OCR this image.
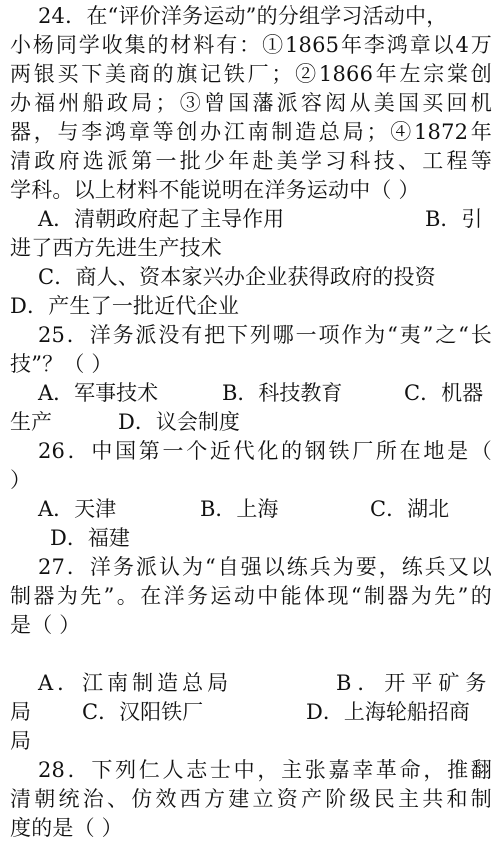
24．在“评价洋务运动”的分组学习活动中，
小杨同学收集的材料有：①1865年李鸿章以4万
两银买下美商的旗记铁厂；②1866年左宗棠创
办福州船政局；③曾国藩派容闳从美国买回机
器，与李鸿章等创办江南制造总局；④1872年
清政府选派第一批少年赴美学习科技、工程等
学科。以上材料不能说明在洋务运动中（ ）
A．清朝政府起了主导作用	B．引
进了西方先进生产技术
C．商人、资本家兴办企业获得政府的投资
D．产生了一批近代企业
25．洋务派没有把下列哪一项作为“夷”之“长
技”？（ ）
A．军事技术	B．科技教育	C．机器
生产	D．议会制度
26．中国第一个近代化的钢铁厂所在地是（
）
A．天津	B．上海	C．湖北
D．福建
27．洋务派认为“自强以练兵为要，练兵又以
制器为先”。在洋务运动中能体现“制器为先”的
是（ ）
A．江南制造总局	B．开平矿务
局 C．汉阳铁厂	D．上海轮船招商
局
28．下列仁人志士中，主张嘉幸革命，推翻
清朝统治、仿效西方建立资产阶级民主共和制
度的是（ ）
